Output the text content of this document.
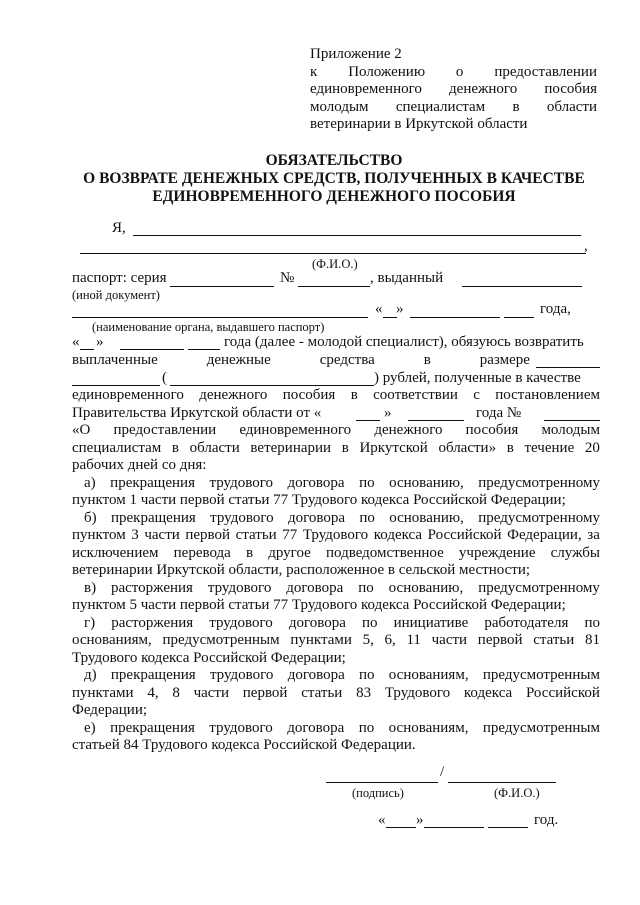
Приложение 2
к Положению о предоставлении
единовременного денежного пособия
молодым специалистам в области
ветеринарии в Иркутской области
ОБЯЗАТЕЛЬСТВО
О ВОЗВРАТЕ ДЕНЕЖНЫХ СРЕДСТВ, ПОЛУЧЕННЫХ В КАЧЕСТВЕ
ЕДИНОВРЕМЕННОГО ДЕНЕЖНОГО ПОСОБИЯ
Я,
,
(Ф.И.О.)
паспорт: серия	№	, выданный
(иной документ)
« »	года,
(наименование органа, выдавшего паспорт)
« »	года (далее - молодой специалист), обязуюсь возвратить
выплаченные	денежные	средства	в	размере
(	) рублей, полученные в качестве
единовременного денежного пособия в соответствии с постановлением
Правительства Иркутской области от «	»	года №
«О предоставлении единовременного денежного пособия молодым
специалистам в области ветеринарии в Иркутской области» в течение 20
рабочих дней со дня:
а) прекращения трудового договора по основанию, предусмотренному
пунктом 1 части первой статьи 77 Трудового кодекса Российской Федерации;
б) прекращения трудового договора по основанию, предусмотренному
пунктом 3 части первой статьи 77 Трудового кодекса Российской Федерации, за
исключением перевода в другое подведомственное учреждение службы
ветеринарии Иркутской области, расположенное в сельской местности;
в) расторжения трудового договора по основанию, предусмотренному
пунктом 5 части первой статьи 77 Трудового кодекса Российской Федерации;
г) расторжения трудового договора по инициативе работодателя по
основаниям, предусмотренным пунктами 5, 6, 11 части первой статьи 81
Трудового кодекса Российской Федерации;
д) прекращения трудового договора по основаниям, предусмотренным
пунктами 4, 8 части первой статьи 83 Трудового кодекса Российской
Федерации;
е) прекращения трудового договора по основаниям, предусмотренным
статьей 84 Трудового кодекса Российской Федерации.
/
(подпись)	(Ф.И.О.)
« »	год.
